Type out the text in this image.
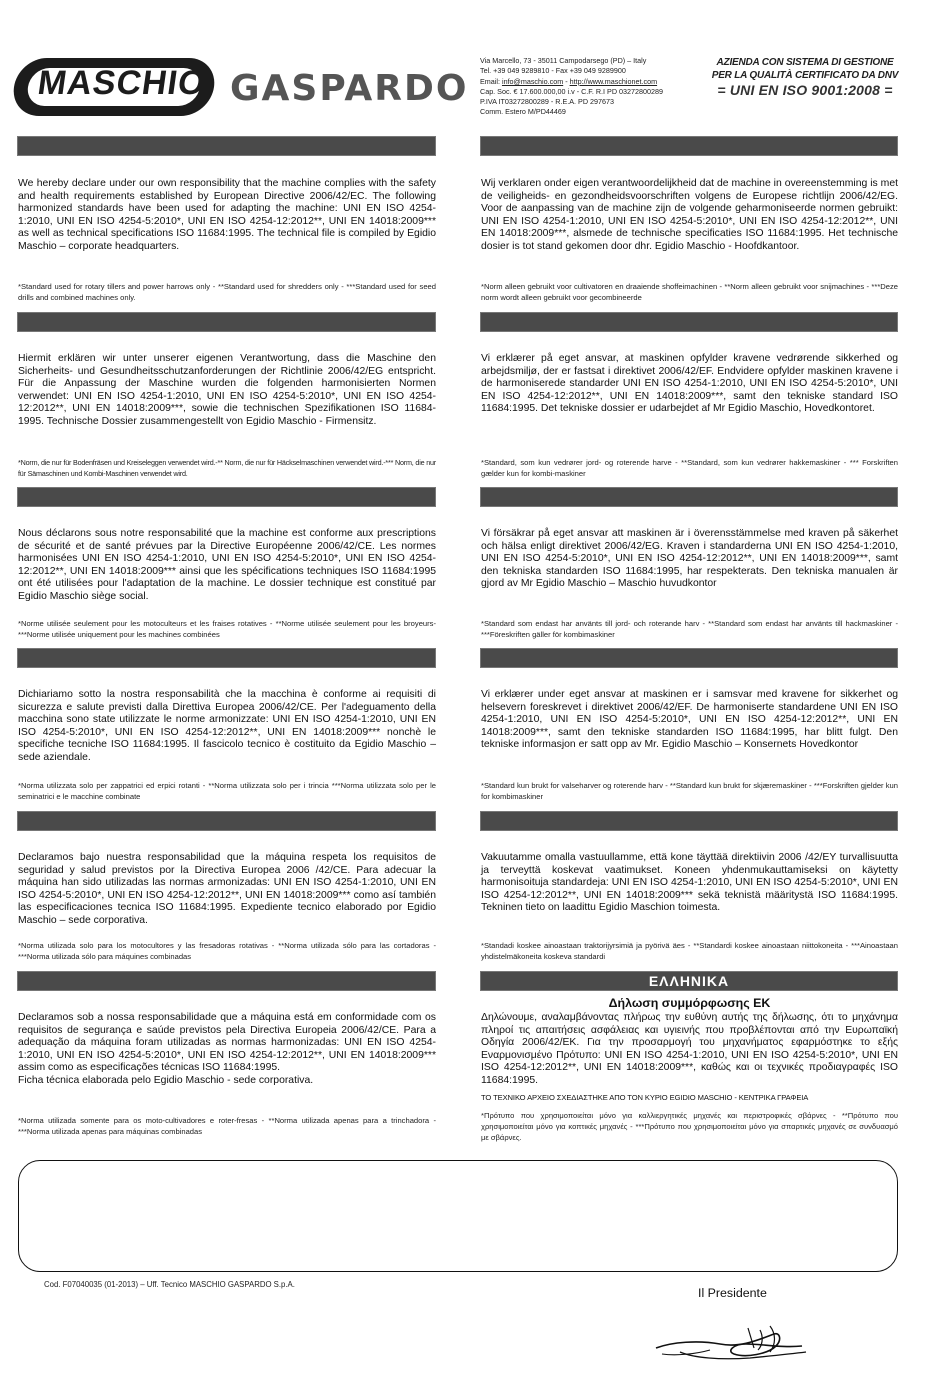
MASCHIO GASPARDO
Via Marcello, 73 - 35011 Campodarsego (PD) – Italy
Tel. +39 049 9289810 - Fax +39 049 9289900
Email: info@maschio.com - http://www.maschionet.com
Cap. Soc. € 17.600.000,00 i.v - C.F. R.I PD 03272800289
P.IVA IT03272800289 - R.E.A. PD 297673
Comm. Estero M/PD44469
AZIENDA CON SISTEMA DI GESTIONE
PER LA QUALITÀ CERTIFICATO DA DNV
= UNI EN ISO 9001:2008 =
We hereby declare under our own responsibility that the machine complies with the safety and health requirements established by European Directive 2006/42/EC. The following harmonized standards have been used for adapting the machine: UNI EN ISO 4254-1:2010, UNI EN ISO 4254-5:2010*, UNI EN ISO 4254-12:2012**, UNI EN 14018:2009*** as well as technical specifications ISO 11684:1995. The technical file is compiled by Egidio Maschio – corporate headquarters.
Wij verklaren onder eigen verantwoordelijkheid dat de machine in overeenstemming is met de veiligheids- en gezondheidsvoorschriften volgens de Europese richtlijn 2006/42/EG. Voor de aanpassing van de machine zijn de volgende geharmoniseerde normen gebruikt: UNI EN ISO 4254-1:2010, UNI EN ISO 4254-5:2010*, UNI EN ISO 4254-12:2012**, UNI EN 14018:2009***, alsmede de technische specificaties ISO 11684:1995. Het technische dosier is tot stand gekomen door dhr. Egidio Maschio - Hoofdkantoor.
*Standard used for rotary tillers and power harrows only - **Standard used for shredders only - ***Standard used for seed drills and combined machines only.
*Norm alleen gebruikt voor cultivatoren en draaiende shoffeimachinen - **Norm alleen gebruikt voor snijmachines - ***Deze norm wordt alleen gebruikt voor gecombineerde
Hiermit erklären wir unter unserer eigenen Verantwortung, dass die Maschine den Sicherheits- und Gesundheitsschutzanforderungen der Richtlinie 2006/42/EG entspricht. Für die Anpassung der Maschine wurden die folgenden harmonisierten Normen verwendet: UNI EN ISO 4254-1:2010, UNI EN ISO 4254-5:2010*, UNI EN ISO 4254-12:2012**, UNI EN 14018:2009***, sowie die technischen Spezifikationen ISO 11684-1995. Technische Dossier zusammengestellt von Egidio Maschio - Firmensitz.
Vi erklærer på eget ansvar, at maskinen opfylder kravene vedrørende sikkerhed og arbejdsmiljø, der er fastsat i direktivet 2006/42/EF. Endvidere opfylder maskinen kravene i de harmoniserede standarder UNI EN ISO 4254-1:2010, UNI EN ISO 4254-5:2010*, UNI EN ISO 4254-12:2012**, UNI EN 14018:2009***, samt den tekniske standard ISO 11684:1995. Det tekniske dossier er udarbejdet af Mr Egidio Maschio, Hovedkontoret.
*Norm, die nur für Bodenfräsen und Kreiseleggen verwendet wird.-** Norm, die nur für Häckselmaschinen verwendet wird.-*** Norm, die nur für Sämaschinen und Kombi-Maschinen verwendet wird.
*Standard, som kun vedrører jord- og roterende harve - **Standard, som kun vedrører hakkemaskiner - *** Forskriften gælder kun for kombi-maskiner
Nous déclarons sous notre responsabilité que la machine est conforme aux prescriptions de sécurité et de santé prévues par la Directive Européenne 2006/42/CE. Les normes harmonisées UNI EN ISO 4254-1:2010, UNI EN ISO 4254-5:2010*, UNI EN ISO 4254-12:2012**, UNI EN 14018:2009*** ainsi que les spécifications techniques ISO 11684:1995 ont été utilisées pour l'adaptation de la machine. Le dossier technique est constitué par Egidio Maschio siège social.
Vi försäkrar på eget ansvar att maskinen är i överensstämmelse med kraven på säkerhet och hälsa enligt direktivet 2006/42/EG. Kraven i standarderna UNI EN ISO 4254-1:2010, UNI EN ISO 4254-5:2010*, UNI EN ISO 4254-12:2012**, UNI EN 14018:2009***, samt den tekniska standarden ISO 11684:1995, har respekterats. Den tekniska manualen är gjord av Mr Egidio Maschio – Maschio huvudkontor
*Norme utilisée seulement pour les motoculteurs et les fraises rotatives - **Norme utilisée seulement pour les broyeurs- ***Norme utilisée uniquement pour les machines combinées
*Standard som endast har använts till jord- och roterande harv - **Standard som endast har använts till hackmaskiner - ***Föreskriften gäller för kombimaskiner
Dichiariamo sotto la nostra responsabilità che la macchina è conforme ai requisiti di sicurezza e salute previsti dalla Direttiva Europea 2006/42/CE. Per l'adeguamento della macchina sono state utilizzate le norme armonizzate: UNI EN ISO 4254-1:2010, UNI EN ISO 4254-5:2010*, UNI EN ISO 4254-12:2012**, UNI EN 14018:2009*** nonchè le specifiche tecniche ISO 11684:1995. Il fascicolo tecnico è costituito da Egidio Maschio – sede aziendale.
Vi erklærer under eget ansvar at maskinen er i samsvar med kravene for sikkerhet og helsevern foreskrevet i direktivet 2006/42/EF. De harmoniserte standardene UNI EN ISO 4254-1:2010, UNI EN ISO 4254-5:2010*, UNI EN ISO 4254-12:2012**, UNI EN 14018:2009***, samt den tekniske standarden ISO 11684:1995, har blitt fulgt. Den tekniske informasjon er satt opp av Mr. Egidio Maschio – Konsernets Hovedkontor
*Norma utilizzata solo per zappatrici ed erpici rotanti - **Norma utilizzata solo per i trincia ***Norma utilizzata solo per le seminatrici e le macchine combinate
*Standard kun brukt for valseharver og roterende harv - **Standard kun brukt for skjæremaskiner - ***Forskriften gjelder kun for kombimaskiner
Declaramos bajo nuestra responsabilidad que la máquina respeta los requisitos de seguridad y salud previstos por la Directiva Europea 2006 /42/CE. Para adecuar la máquina han sido utilizadas las normas armonizadas: UNI EN ISO 4254-1:2010, UNI EN ISO 4254-5:2010*, UNI EN ISO 4254-12:2012**, UNI EN 14018:2009*** como así también las especificaciones tecnica ISO 11684:1995. Expediente tecnico elaborado por Egidio Maschio – sede corporativa.
Vakuutamme omalla vastuullamme, että kone täyttää direktiivin 2006 /42/EY turvallisuutta ja terveyttä koskevat vaatimukset. Koneen yhdenmukauttamiseksi on käytetty harmonisoituja standardeja: UNI EN ISO 4254-1:2010, UNI EN ISO 4254-5:2010*, UNI EN ISO 4254-12:2012**, UNI EN 14018:2009*** sekä teknistä määritystä ISO 11684:1995. Tekninen tieto on laadittu Egidio Maschion toimesta.
*Norma utilizada solo para los motocultores y las fresadoras rotativas - **Norma utilizada sólo para las cortadoras - ***Norma utilizada sólo para máquines combinadas
*Standadi koskee ainoastaan traktorijyrsimiä ja pyörivä äes - **Standardi koskee ainoastaan niittokoneita - ***Ainoastaan yhdistelmäkoneita koskeva standardi
ΕΛΛΗΝΙΚΑ

Declaramos sob a nossa responsabilidade que a máquina está em conformidade com os requisitos de segurança e saúde previstos pela Directiva Europeia 2006/42/CE. Para a adequação da máquina foram utilizadas as normas harmonizadas: UNI EN ISO 4254-1:2010, UNI EN ISO 4254-5:2010*, UNI EN ISO 4254-12:2012**, UNI EN 14018:2009*** assim como as especificações técnicas ISO 11684:1995.

Ficha técnica elaborada pelo Egidio Maschio - sede corporativa.

Δήλωση συμμόρφωσης ΕΚ
Δηλώνουμε, αναλαμβάνοντας πλήρως την ευθύνη αυτής της δήλωσης, ότι το μηχάνημα πληροί τις απαιτήσεις ασφάλειας και υγιεινής που προβλέπονται από την Ευρωπαϊκή Οδηγία 2006/42/ΕΚ. Για την προσαρμογή του μηχανήματος εφαρμόστηκε το εξής Εναρμονισμένο Πρότυπο: UNI EN ISO 4254-1:2010, UNI EN ISO 4254-5:2010*, UNI EN ISO 4254-12:2012**, UNI EN 14018:2009***, καθώς και οι τεχνικές προδιαγραφές ISO 11684:1995.
ΤΟ ΤΕΧΝΙΚΟ ΑΡΧΕΙΟ ΣΧΕΔΙΑΣΤΗΚΕ ΑΠΟ ΤΟΝ ΚΥΡΙΟ EGIDIO MASCHIO - ΚΕΝΤΡΙΚΑ ΓΡΑΦΕΙΑ
*Norma utilizada somente para os moto-cultivadores e roter-fresas - **Norma utilizada apenas para a trinchadora - ***Norma utilizada apenas para máquinas combinadas
*Πρότυπο που χρησιμοποιείται μόνο για καλλιεργητικές μηχανές και περιστροφικές σβάρνες - **Πρότυπο που χρησιμοποιείται μόνο για κοπτικές μηχανές - ***Πρότυπο που χρησιμοποιείται μόνο για σπαρτικές μηχανές σε συνδυασμό με σβάρνες.
Cod. F07040035 (01-2013) – Uff. Tecnico MASCHIO GASPARDO S.p.A.
Il Presidente
